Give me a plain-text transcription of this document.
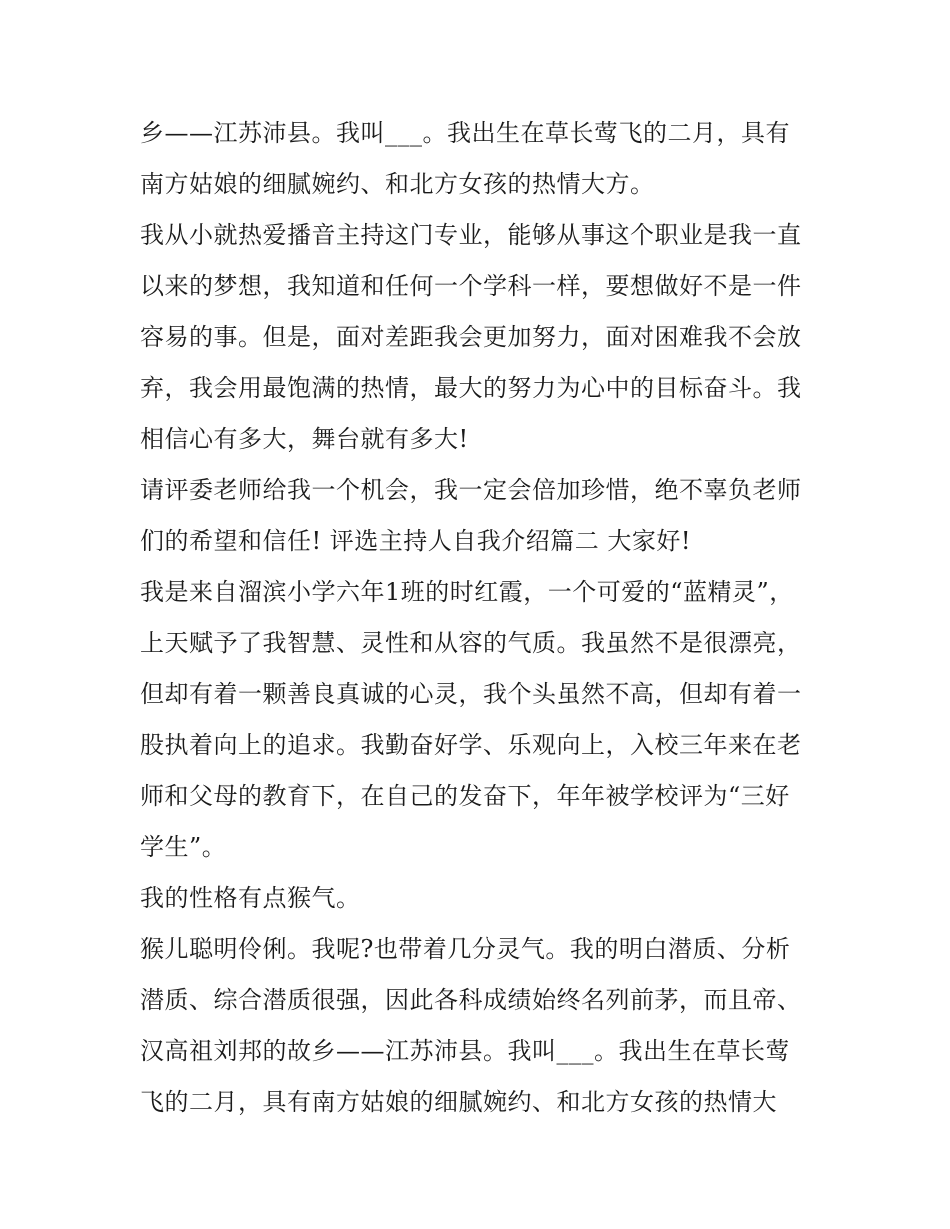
乡——江苏沛县。我叫___。我出生在草长莺飞的二月，具有
南方姑娘的细腻婉约、和北方女孩的热情大方。
我从小就热爱播音主持这门专业，能够从事这个职业是我一直
以来的梦想，我知道和任何一个学科一样，要想做好不是一件
容易的事。但是，面对差距我会更加努力，面对困难我不会放
弃，我会用最饱满的热情，最大的努力为心中的目标奋斗。我
相信心有多大，舞台就有多大!
请评委老师给我一个机会，我一定会倍加珍惜，绝不辜负老师
们的希望和信任! 评选主持人自我介绍篇二 大家好!
我是来自溜滨小学六年1班的时红霞，一个可爱的“蓝精灵”，
上天赋予了我智慧、灵性和从容的气质。我虽然不是很漂亮，
但却有着一颗善良真诚的心灵，我个头虽然不高，但却有着一
股执着向上的追求。我勤奋好学、乐观向上，入校三年来在老
师和父母的教育下，在自己的发奋下，年年被学校评为“三好
学生”。
我的性格有点猴气。
猴儿聪明伶俐。我呢?也带着几分灵气。我的明白潜质、分析
潜质、综合潜质很强，因此各科成绩始终名列前茅，而且帝、
汉高祖刘邦的故乡——江苏沛县。我叫___。我出生在草长莺
飞的二月，具有南方姑娘的细腻婉约、和北方女孩的热情大
